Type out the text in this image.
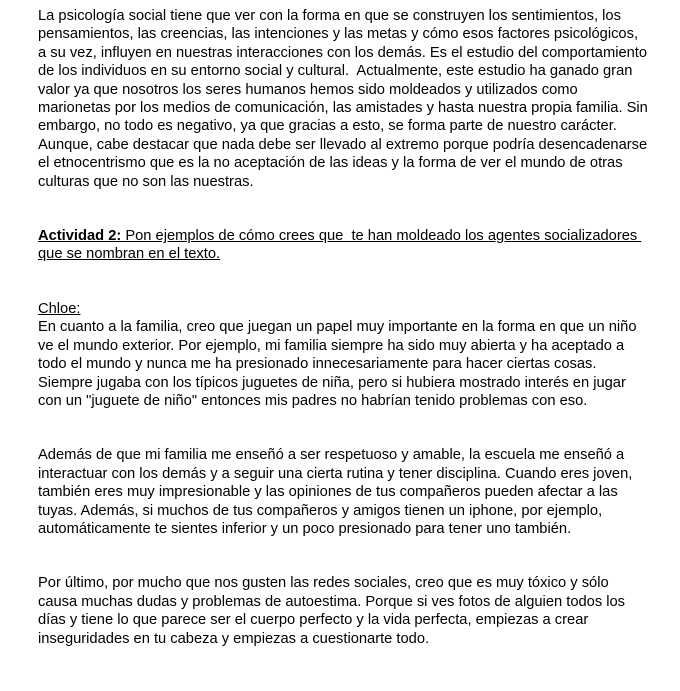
La psicología social tiene que ver con la forma en que se construyen los sentimientos, los pensamientos, las creencias, las intenciones y las metas y cómo esos factores psicológicos, a su vez, influyen en nuestras interacciones con los demás. Es el estudio del comportamiento de los individuos en su entorno social y cultural.  Actualmente, este estudio ha ganado gran valor ya que nosotros los seres humanos hemos sido moldeados y utilizados como marionetas por los medios de comunicación, las amistades y hasta nuestra propia familia. Sin embargo, no todo es negativo, ya que gracias a esto, se forma parte de nuestro carácter. Aunque, cabe destacar que nada debe ser llevado al extremo porque podría desencadenarse el etnocentrismo que es la no aceptación de las ideas y la forma de ver el mundo de otras culturas que no son las nuestras.

Actividad 2: Pon ejemplos de cómo crees que  te han moldeado los agentes socializadores que se nombran en el texto.

Chloe:

En cuanto a la familia, creo que juegan un papel muy importante en la forma en que un niño ve el mundo exterior. Por ejemplo, mi familia siempre ha sido muy abierta y ha aceptado a todo el mundo y nunca me ha presionado innecesariamente para hacer ciertas cosas. Siempre jugaba con los típicos juguetes de niña, pero si hubiera mostrado interés en jugar con un "juguete de niño" entonces mis padres no habrían tenido problemas con eso.

Además de que mi familia me enseñó a ser respetuoso y amable, la escuela me enseñó a interactuar con los demás y a seguir una cierta rutina y tener disciplina. Cuando eres joven, también eres muy impresionable y las opiniones de tus compañeros pueden afectar a las tuyas. Además, si muchos de tus compañeros y amigos tienen un iphone, por ejemplo, automáticamente te sientes inferior y un poco presionado para tener uno también.

Por último, por mucho que nos gusten las redes sociales, creo que es muy tóxico y sólo causa muchas dudas y problemas de autoestima. Porque si ves fotos de alguien todos los días y tiene lo que parece ser el cuerpo perfecto y la vida perfecta, empiezas a crear inseguridades en tu cabeza y empiezas a cuestionarte todo.
